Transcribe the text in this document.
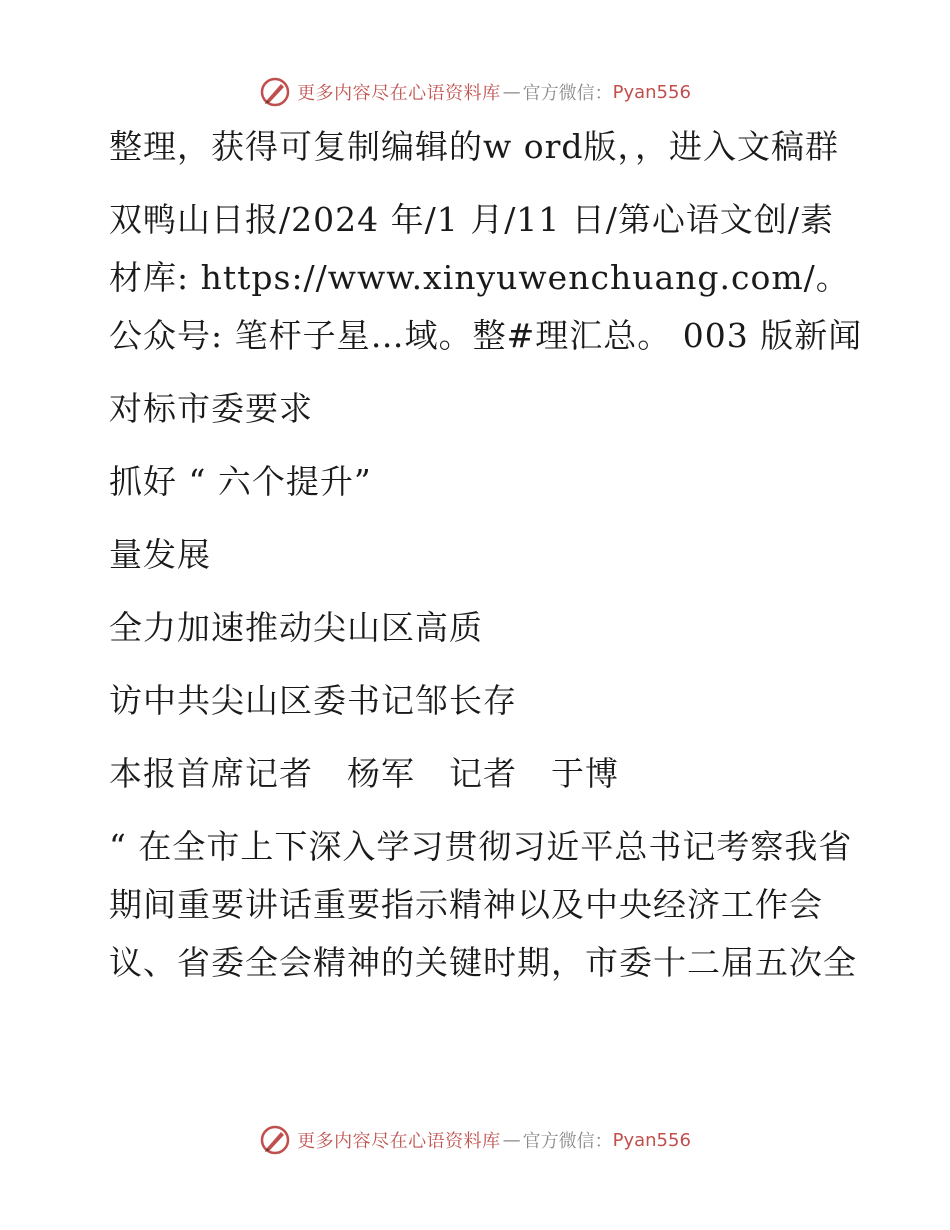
更多内容尽在心语资料库 — 官方微信： Pyan556

整理，获得可复制编辑的w ord版，，进入文稿群

双鸭山日报/2024 年/1 月/11 日/第心语文创/素材库: https://www.xinyuwenchuang.com/。公众号: 笔杆子星…域。整#理汇总。 003 版新闻

对标市委要求

抓好 “ 六个提升”

量发展

全力加速推动尖山区高质

访中共尖山区委书记邹长存

本报首席记者　杨军　记者　于博

“ 在全市上下深入学习贯彻习近平总书记考察我省期间重要讲话重要指示精神以及中央经济工作会议、省委全会精神的关键时期，市委十二届五次全

更多内容尽在心语资料库 — 官方微信： Pyan556
